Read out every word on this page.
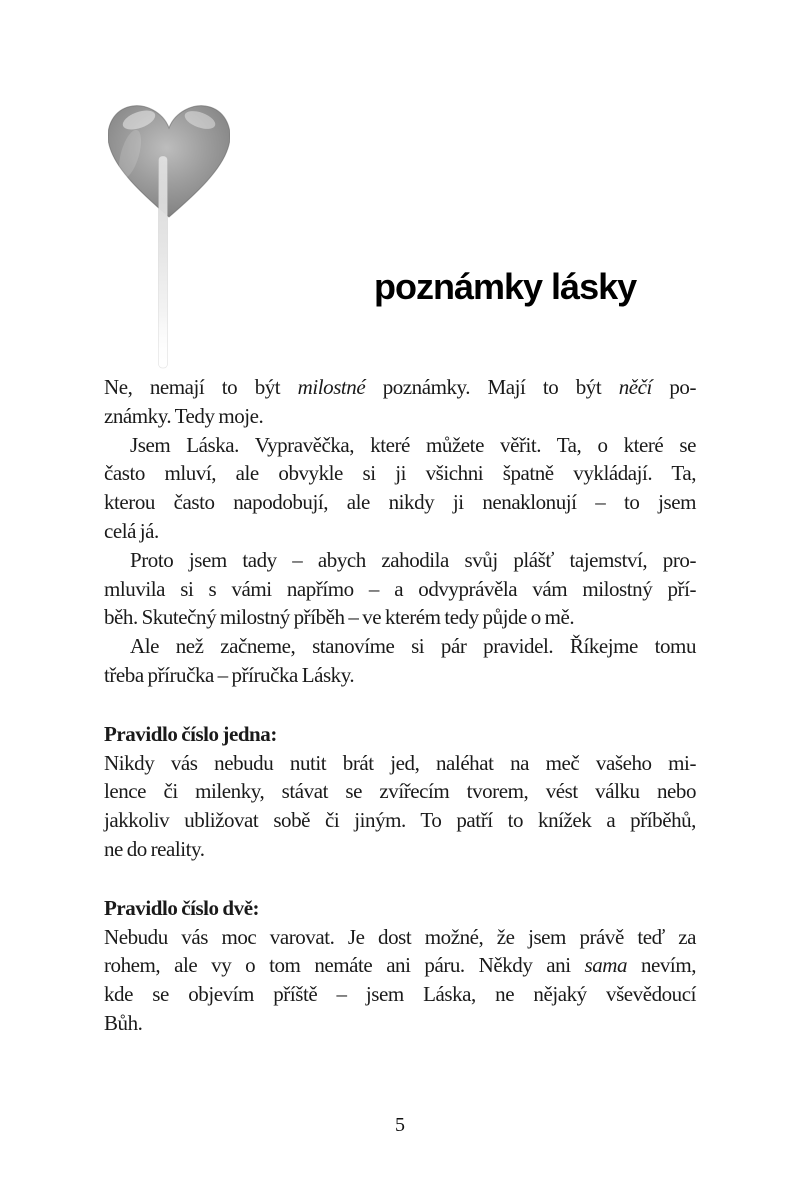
poznámky lásky
Ne, nemají to být milostné poznámky. Mají to být něčí po-
známky. Tedy moje.
Jsem Láska. Vypravěčka, které můžete věřit. Ta, o které se
často mluví, ale obvykle si ji všichni špatně vykládají. Ta,
kterou často napodobují, ale nikdy ji nenaklonují – to jsem
celá já.
Proto jsem tady – abych zahodila svůj plášť tajemství, pro-
mluvila si s vámi napřímo – a odvyprávěla vám milostný pří-
běh. Skutečný milostný příběh – ve kterém tedy půjde o mě.
Ale než začneme, stanovíme si pár pravidel. Říkejme tomu
třeba příručka – příručka Lásky.
Pravidlo číslo jedna:
Nikdy vás nebudu nutit brát jed, naléhat na meč vašeho mi-
lence či milenky, stávat se zvířecím tvorem, vést válku nebo
jakkoliv ubližovat sobě či jiným. To patří to knížek a příběhů,
ne do reality.
Pravidlo číslo dvě:
Nebudu vás moc varovat. Je dost možné, že jsem právě teď za
rohem, ale vy o tom nemáte ani páru. Někdy ani sama nevím,
kde se objevím příště – jsem Láska, ne nějaký vševědoucí
Bůh.
5
